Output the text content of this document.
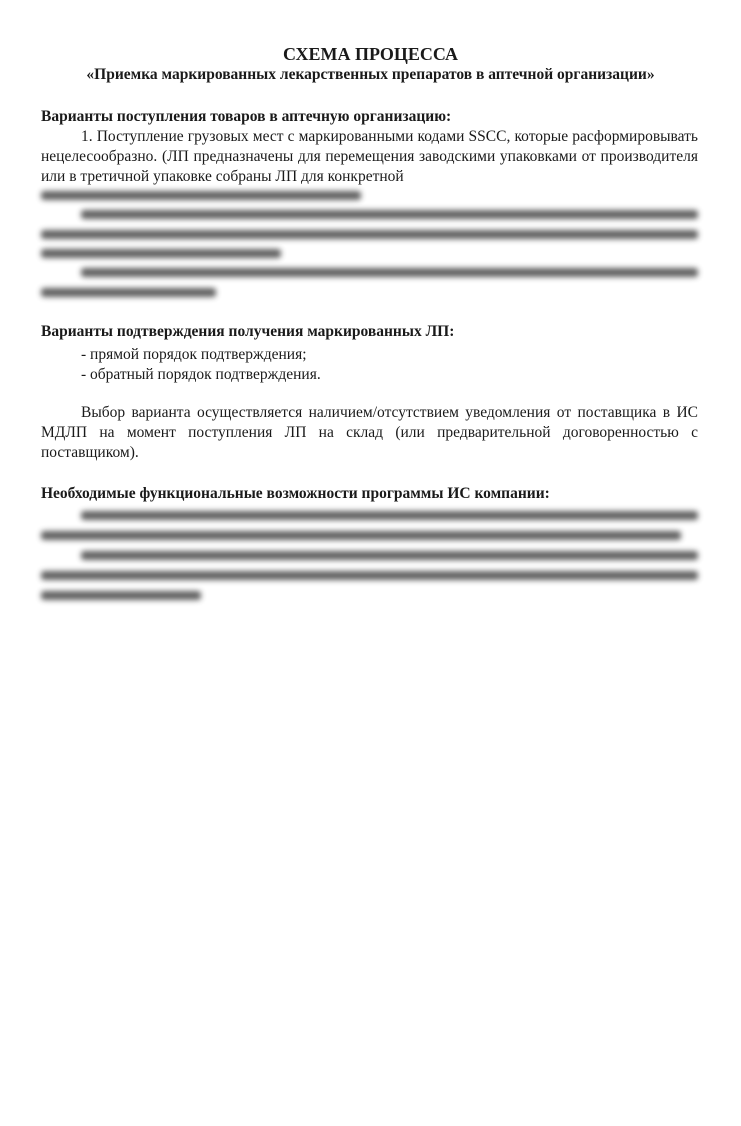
СХЕМА ПРОЦЕССА
«Приемка маркированных лекарственных препаратов в аптечной организации»
Варианты поступления товаров в аптечную организацию:
1. Поступление грузовых мест с маркированными кодами SSCC, которые расформировывать нецелесообразно. (ЛП предназначены для перемещения заводскими упаковками от производителя или в третичной упаковке собраны ЛП для конкретной
Варианты подтверждения получения маркированных ЛП:
- прямой порядок подтверждения;
- обратный порядок подтверждения.
Выбор варианта осуществляется наличием/отсутствием уведомления от поставщика в ИС МДЛП на момент поступления ЛП на склад (или предварительной договоренностью с поставщиком).
Необходимые функциональные возможности программы ИС компании:
